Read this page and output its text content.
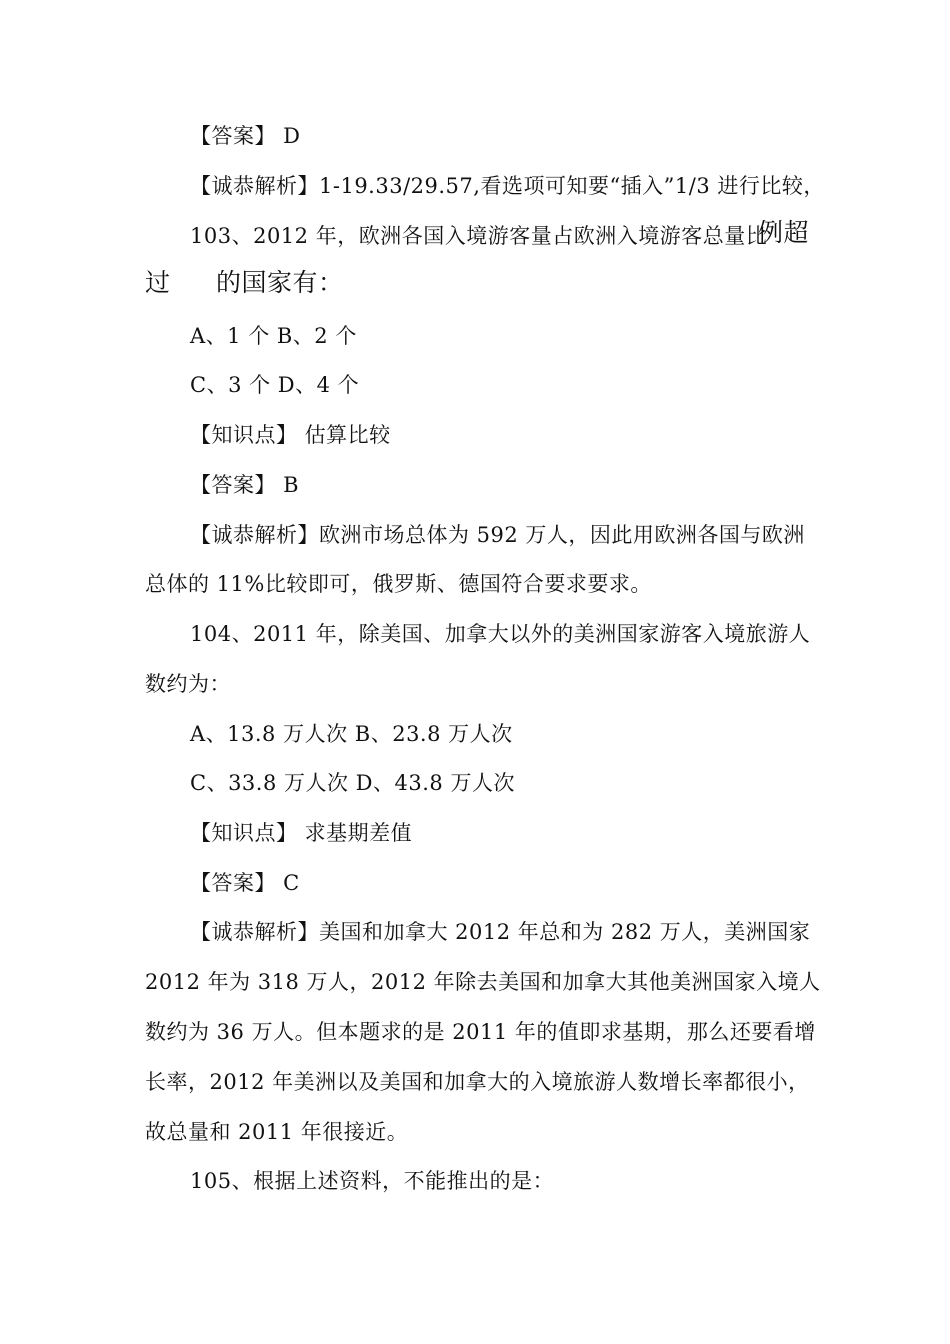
【答案】 D
【诚恭解析】1-19.33/29.57,看选项可知要“插入”1/3 进行比较，
103、2012 年，欧洲各国入境游客量占欧洲入境游客总量比
例超
过 的国家有：
A、1 个 B、2 个
C、3 个 D、4 个
【知识点】 估算比较
【答案】 B
【诚恭解析】欧洲市场总体为 592 万人，因此用欧洲各国与欧洲
总体的 11%比较即可，俄罗斯、德国符合要求要求。
104、2011 年，除美国、加拿大以外的美洲国家游客入境旅游人
数约为：
A、13.8 万人次 B、23.8 万人次
C、33.8 万人次 D、43.8 万人次
【知识点】 求基期差值
【答案】 C
【诚恭解析】美国和加拿大 2012 年总和为 282 万人，美洲国家
2012 年为 318 万人，2012 年除去美国和加拿大其他美洲国家入境人
数约为 36 万人。但本题求的是 2011 年的值即求基期，那么还要看增
长率，2012 年美洲以及美国和加拿大的入境旅游人数增长率都很小，
故总量和 2011 年很接近。
105、根据上述资料，不能推出的是：
